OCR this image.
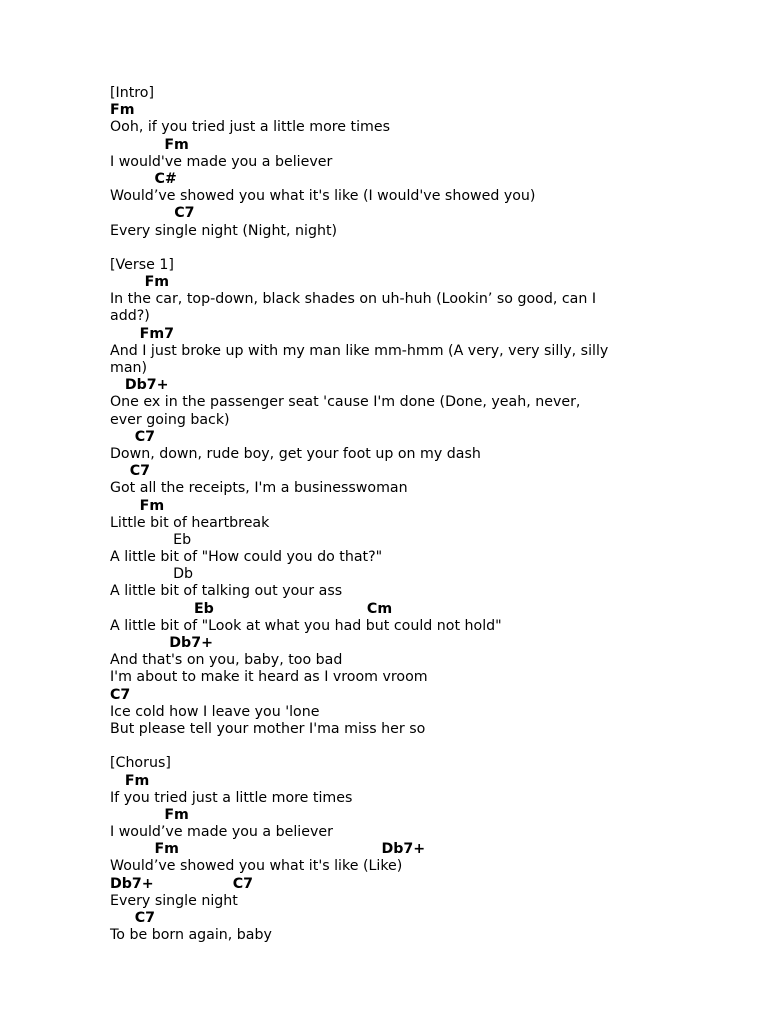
[Intro]
Fm
Ooh, if you tried just a little more times
Fm
I would've made you a believer
C#
Would’ve showed you what it's like (I would've showed you)
C7
Every single night (Night, night)
[Verse 1]
Fm
In the car, top-down, black shades on uh-huh (Lookin’ so good, can I
add?)
Fm7
And I just broke up with my man like mm-hmm (A very, very silly, silly
man)
Db7+
One ex in the passenger seat 'cause I'm done (Done, yeah, never,
ever going back)
C7
Down, down, rude boy, get your foot up on my dash
C7
Got all the receipts, I'm a businesswoman
Fm
Little bit of heartbreak
Eb
A little bit of "How could you do that?"
Db
A little bit of talking out your ass
Eb                               Cm
A little bit of "Look at what you had but could not hold"
Db7+
And that's on you, baby, too bad
I'm about to make it heard as I vroom vroom
C7
Ice cold how I leave you 'lone
But please tell your mother I'ma miss her so
[Chorus]
Fm
If you tried just a little more times
Fm
I would’ve made you a believer
Fm                                         Db7+
Would’ve showed you what it's like (Like)
Db7+                C7
Every single night
C7
To be born again, baby
